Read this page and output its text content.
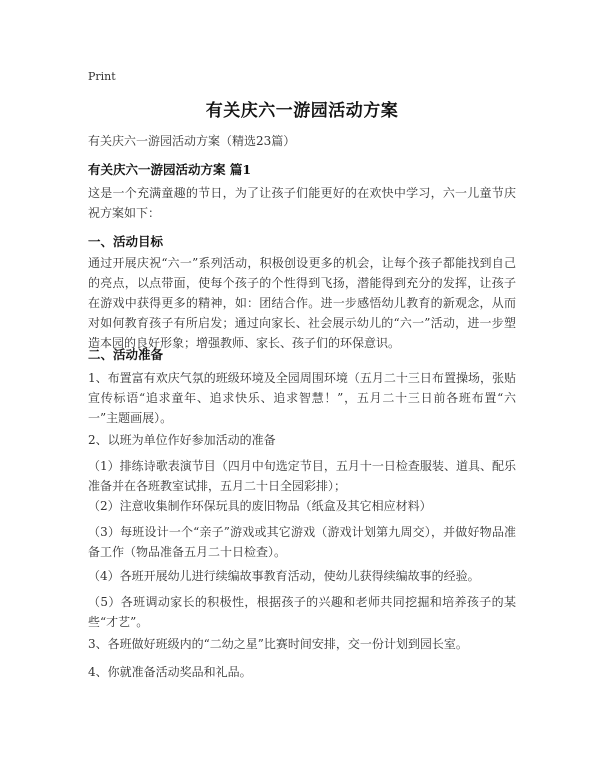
Print
有关庆六一游园活动方案
有关庆六一游园活动方案（精选23篇）
有关庆六一游园活动方案 篇1
这是一个充满童趣的节日，为了让孩子们能更好的在欢快中学习，六一儿童节庆祝方案如下：
一、活动目标
通过开展庆祝“六一”系列活动，积极创设更多的机会，让每个孩子都能找到自己的亮点，以点带面，使每个孩子的个性得到飞扬，潜能得到充分的发挥，让孩子在游戏中获得更多的精神，如：团结合作。进一步感悟幼儿教育的新观念，从而对如何教育孩子有所启发；通过向家长、社会展示幼儿的“六一”活动，进一步塑造本园的良好形象；增强教师、家长、孩子们的环保意识。
二、活动准备
1、布置富有欢庆气氛的班级环境及全园周围环境（五月二十三日布置操场，张贴宣传标语“追求童年、追求快乐、追求智慧！”，五月二十三日前各班布置“六一”主题画展）。
2、以班为单位作好参加活动的准备
（1）排练诗歌表演节目（四月中旬选定节目，五月十一日检查服装、道具、配乐准备并在各班教室试排，五月二十日全园彩排）；
（2）注意收集制作环保玩具的废旧物品（纸盒及其它相应材料）
（3）每班设计一个“亲子”游戏或其它游戏（游戏计划第九周交），并做好物品准备工作（物品准备五月二十日检查）。
（4）各班开展幼儿进行续编故事教育活动，使幼儿获得续编故事的经验。
（5）各班调动家长的积极性，根据孩子的兴趣和老师共同挖掘和培养孩子的某些“才艺”。
3、各班做好班级内的“二幼之星”比赛时间安排，交一份计划到园长室。
4、你就准备活动奖品和礼品。
